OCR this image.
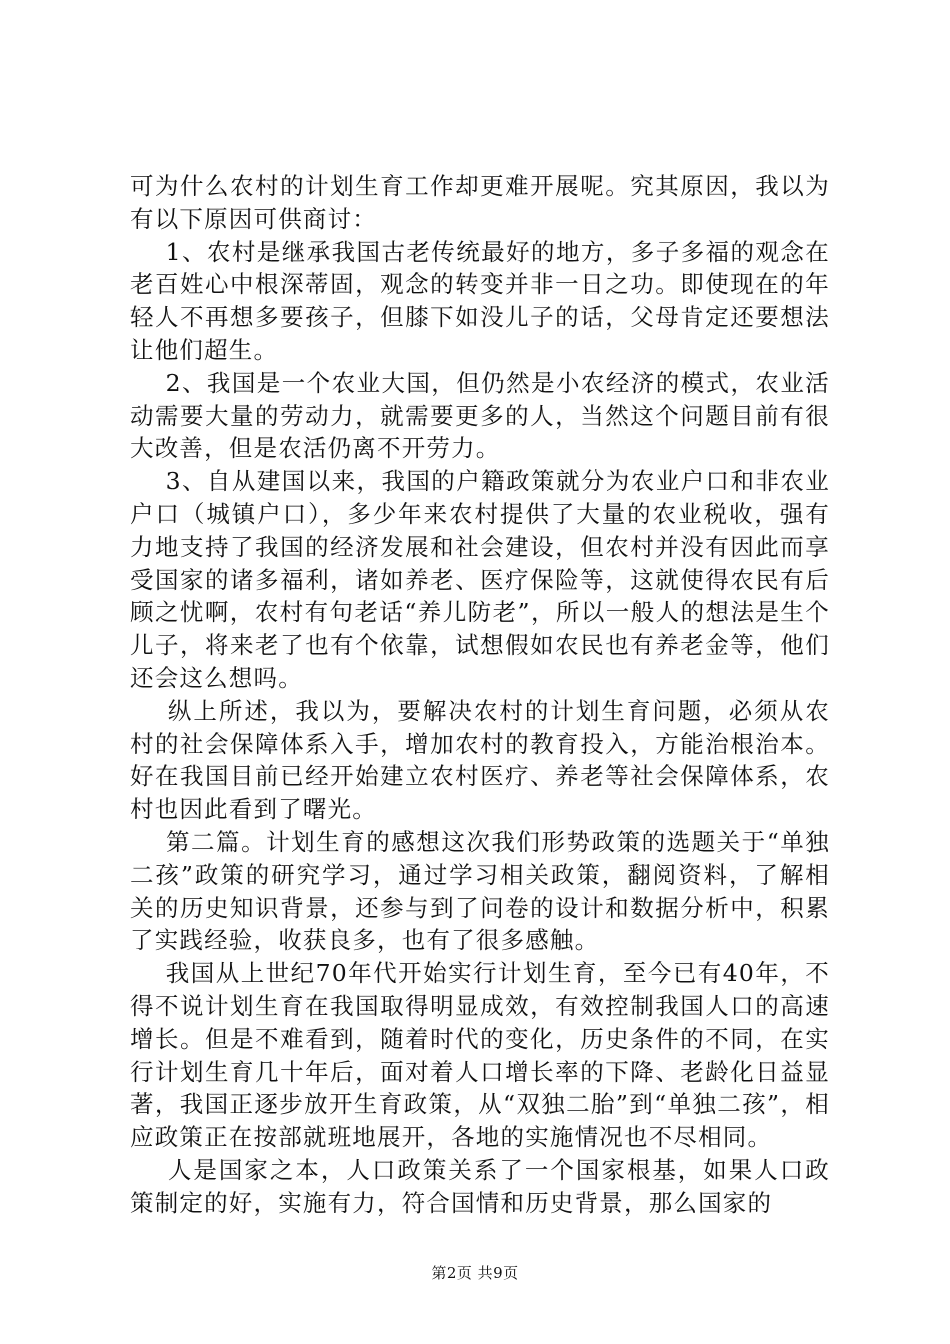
可为什么农村的计划生育工作却更难开展呢。究其原因，我以为有以下原因可供商讨：

1、农村是继承我国古老传统最好的地方，多子多福的观念在老百姓心中根深蒂固，观念的转变并非一日之功。即使现在的年轻人不再想多要孩子，但膝下如没儿子的话，父母肯定还要想法让他们超生。

2、我国是一个农业大国，但仍然是小农经济的模式，农业活动需要大量的劳动力，就需要更多的人，当然这个问题目前有很大改善，但是农活仍离不开劳力。

3、自从建国以来，我国的户籍政策就分为农业户口和非农业户口（城镇户口），多少年来农村提供了大量的农业税收，强有力地支持了我国的经济发展和社会建设，但农村并没有因此而享受国家的诸多福利，诸如养老、医疗保险等，这就使得农民有后顾之忧啊，农村有句老话“养儿防老”，所以一般人的想法是生个儿子，将来老了也有个依靠，试想假如农民也有养老金等，他们还会这么想吗。

纵上所述，我以为，要解决农村的计划生育问题，必须从农村的社会保障体系入手，增加农村的教育投入，方能治根治本。好在我国目前已经开始建立农村医疗、养老等社会保障体系，农村也因此看到了曙光。

第二篇。计划生育的感想这次我们形势政策的选题关于“单独二孩”政策的研究学习，通过学习相关政策，翻阅资料，了解相关的历史知识背景，还参与到了问卷的设计和数据分析中，积累了实践经验，收获良多，也有了很多感触。

我国从上世纪70年代开始实行计划生育，至今已有40年，不得不说计划生育在我国取得明显成效，有效控制我国人口的高速增长。但是不难看到，随着时代的变化，历史条件的不同，在实行计划生育几十年后，面对着人口增长率的下降、老龄化日益显著，我国正逐步放开生育政策，从“双独二胎”到“单独二孩”，相应政策正在按部就班地展开，各地的实施情况也不尽相同。

人是国家之本，人口政策关系了一个国家根基，如果人口政策制定的好，实施有力，符合国情和历史背景，那么国家的

第2页 共9页
